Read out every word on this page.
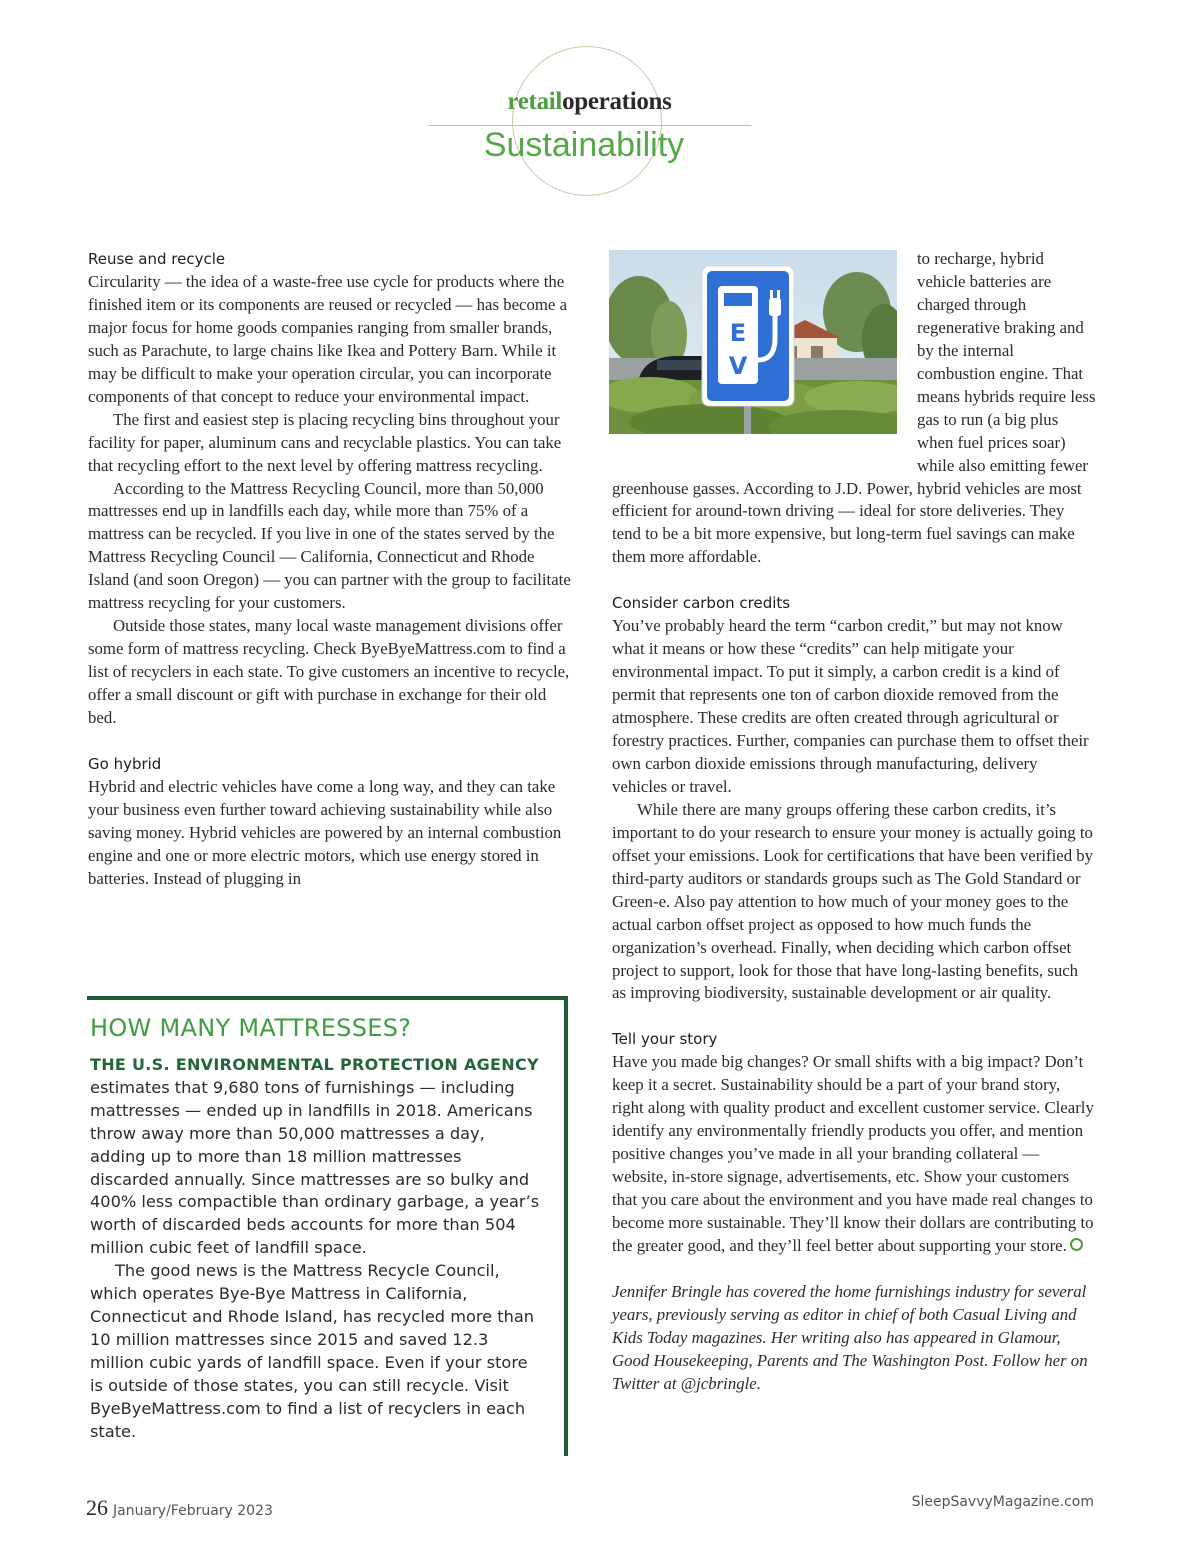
retailoperations
Sustainability
Reuse and recycle

Circularity — the idea of a waste-free use cycle for products where the finished item or its components are reused or recycled — has become a major focus for home goods companies ranging from smaller brands, such as Parachute, to large chains like Ikea and Pottery Barn. While it may be difficult to make your operation circular, you can incorporate components of that concept to reduce your environmental impact.

The first and easiest step is placing recycling bins throughout your facility for paper, aluminum cans and recyclable plastics. You can take that recycling effort to the next level by offering mattress recycling.

According to the Mattress Recycling Council, more than 50,000 mattresses end up in landfills each day, while more than 75% of a mattress can be recycled. If you live in one of the states served by the Mattress Recycling Council — California, Connecticut and Rhode Island (and soon Oregon) — you can partner with the group to facilitate mattress recycling for your customers.

Outside those states, many local waste management divisions offer some form of mattress recycling. Check ByeByeMattress.com to find a list of recyclers in each state. To give customers an incentive to recycle, offer a small discount or gift with purchase in exchange for their old bed.

Go hybrid

Hybrid and electric vehicles have come a long way, and they can take your business even further toward achieving sustainability while also saving money. Hybrid vehicles are powered by an internal combustion engine and one or more electric motors, which use energy stored in batteries. Instead of plugging in

E
V

to recharge, hybrid vehicle batteries are charged through regenerative braking and by the internal combustion engine. That means hybrids require less gas to run (a big plus when fuel prices soar) while also emitting fewer greenhouse gasses. According to J.D. Power, hybrid vehicles are most efficient for around-town driving — ideal for store deliveries. They tend to be a bit more expensive, but long-term fuel savings can make them more affordable.

Consider carbon credits

You’ve probably heard the term “carbon credit,” but may not know what it means or how these “credits” can help mitigate your environmental impact. To put it simply, a carbon credit is a kind of permit that represents one ton of carbon dioxide removed from the atmosphere. These credits are often created through agricultural or forestry practices. Further, companies can purchase them to offset their own carbon dioxide emissions through manufacturing, delivery vehicles or travel.

While there are many groups offering these carbon credits, it’s important to do your research to ensure your money is actually going to offset your emissions. Look for certifications that have been verified by third-party auditors or standards groups such as The Gold Standard or Green-e. Also pay attention to how much of your money goes to the actual carbon offset project as opposed to how much funds the organization’s overhead. Finally, when deciding which carbon offset project to support, look for those that have long-lasting benefits, such as improving biodiversity, sustainable development or air quality.

Tell your story

Have you made big changes? Or small shifts with a big impact? Don’t keep it a secret. Sustainability should be a part of your brand story, right along with quality product and excellent customer service. Clearly identify any environmentally friendly products you offer, and mention positive changes you’ve made in all your branding collateral — website, in-store signage, advertisements, etc. Show your customers that you care about the environment and you have made real changes to become more sustainable. They’ll know their dollars are contributing to the greater good, and they’ll feel better about supporting your store.

Jennifer Bringle has covered the home furnishings industry for several years, previously serving as editor in chief of both Casual Living and Kids Today magazines. Her writing also has appeared in Glamour, Good Housekeeping, Parents and The Washington Post. Follow her on Twitter at @jcbringle.

HOW MANY MATTRESSES?

THE U.S. ENVIRONMENTAL PROTECTION AGENCY

estimates that 9,680 tons of furnishings — including mattresses — ended up in landfills in 2018. Americans throw away more than 50,000 mattresses a day, adding up to more than 18 million mattresses discarded annually. Since mattresses are so bulky and 400% less compactible than ordinary garbage, a year’s worth of discarded beds accounts for more than 504 million cubic feet of landfill space.

The good news is the Mattress Recycle Council, which operates Bye-Bye Mattress in California, Connecticut and Rhode Island, has recycled more than 10 million mattresses since 2015 and saved 12.3 million cubic yards of landfill space. Even if your store is outside of those states, you can still recycle. Visit ByeByeMattress.com to find a list of recyclers in each state.

26 January/February 2023
SleepSavvyMagazine.com
